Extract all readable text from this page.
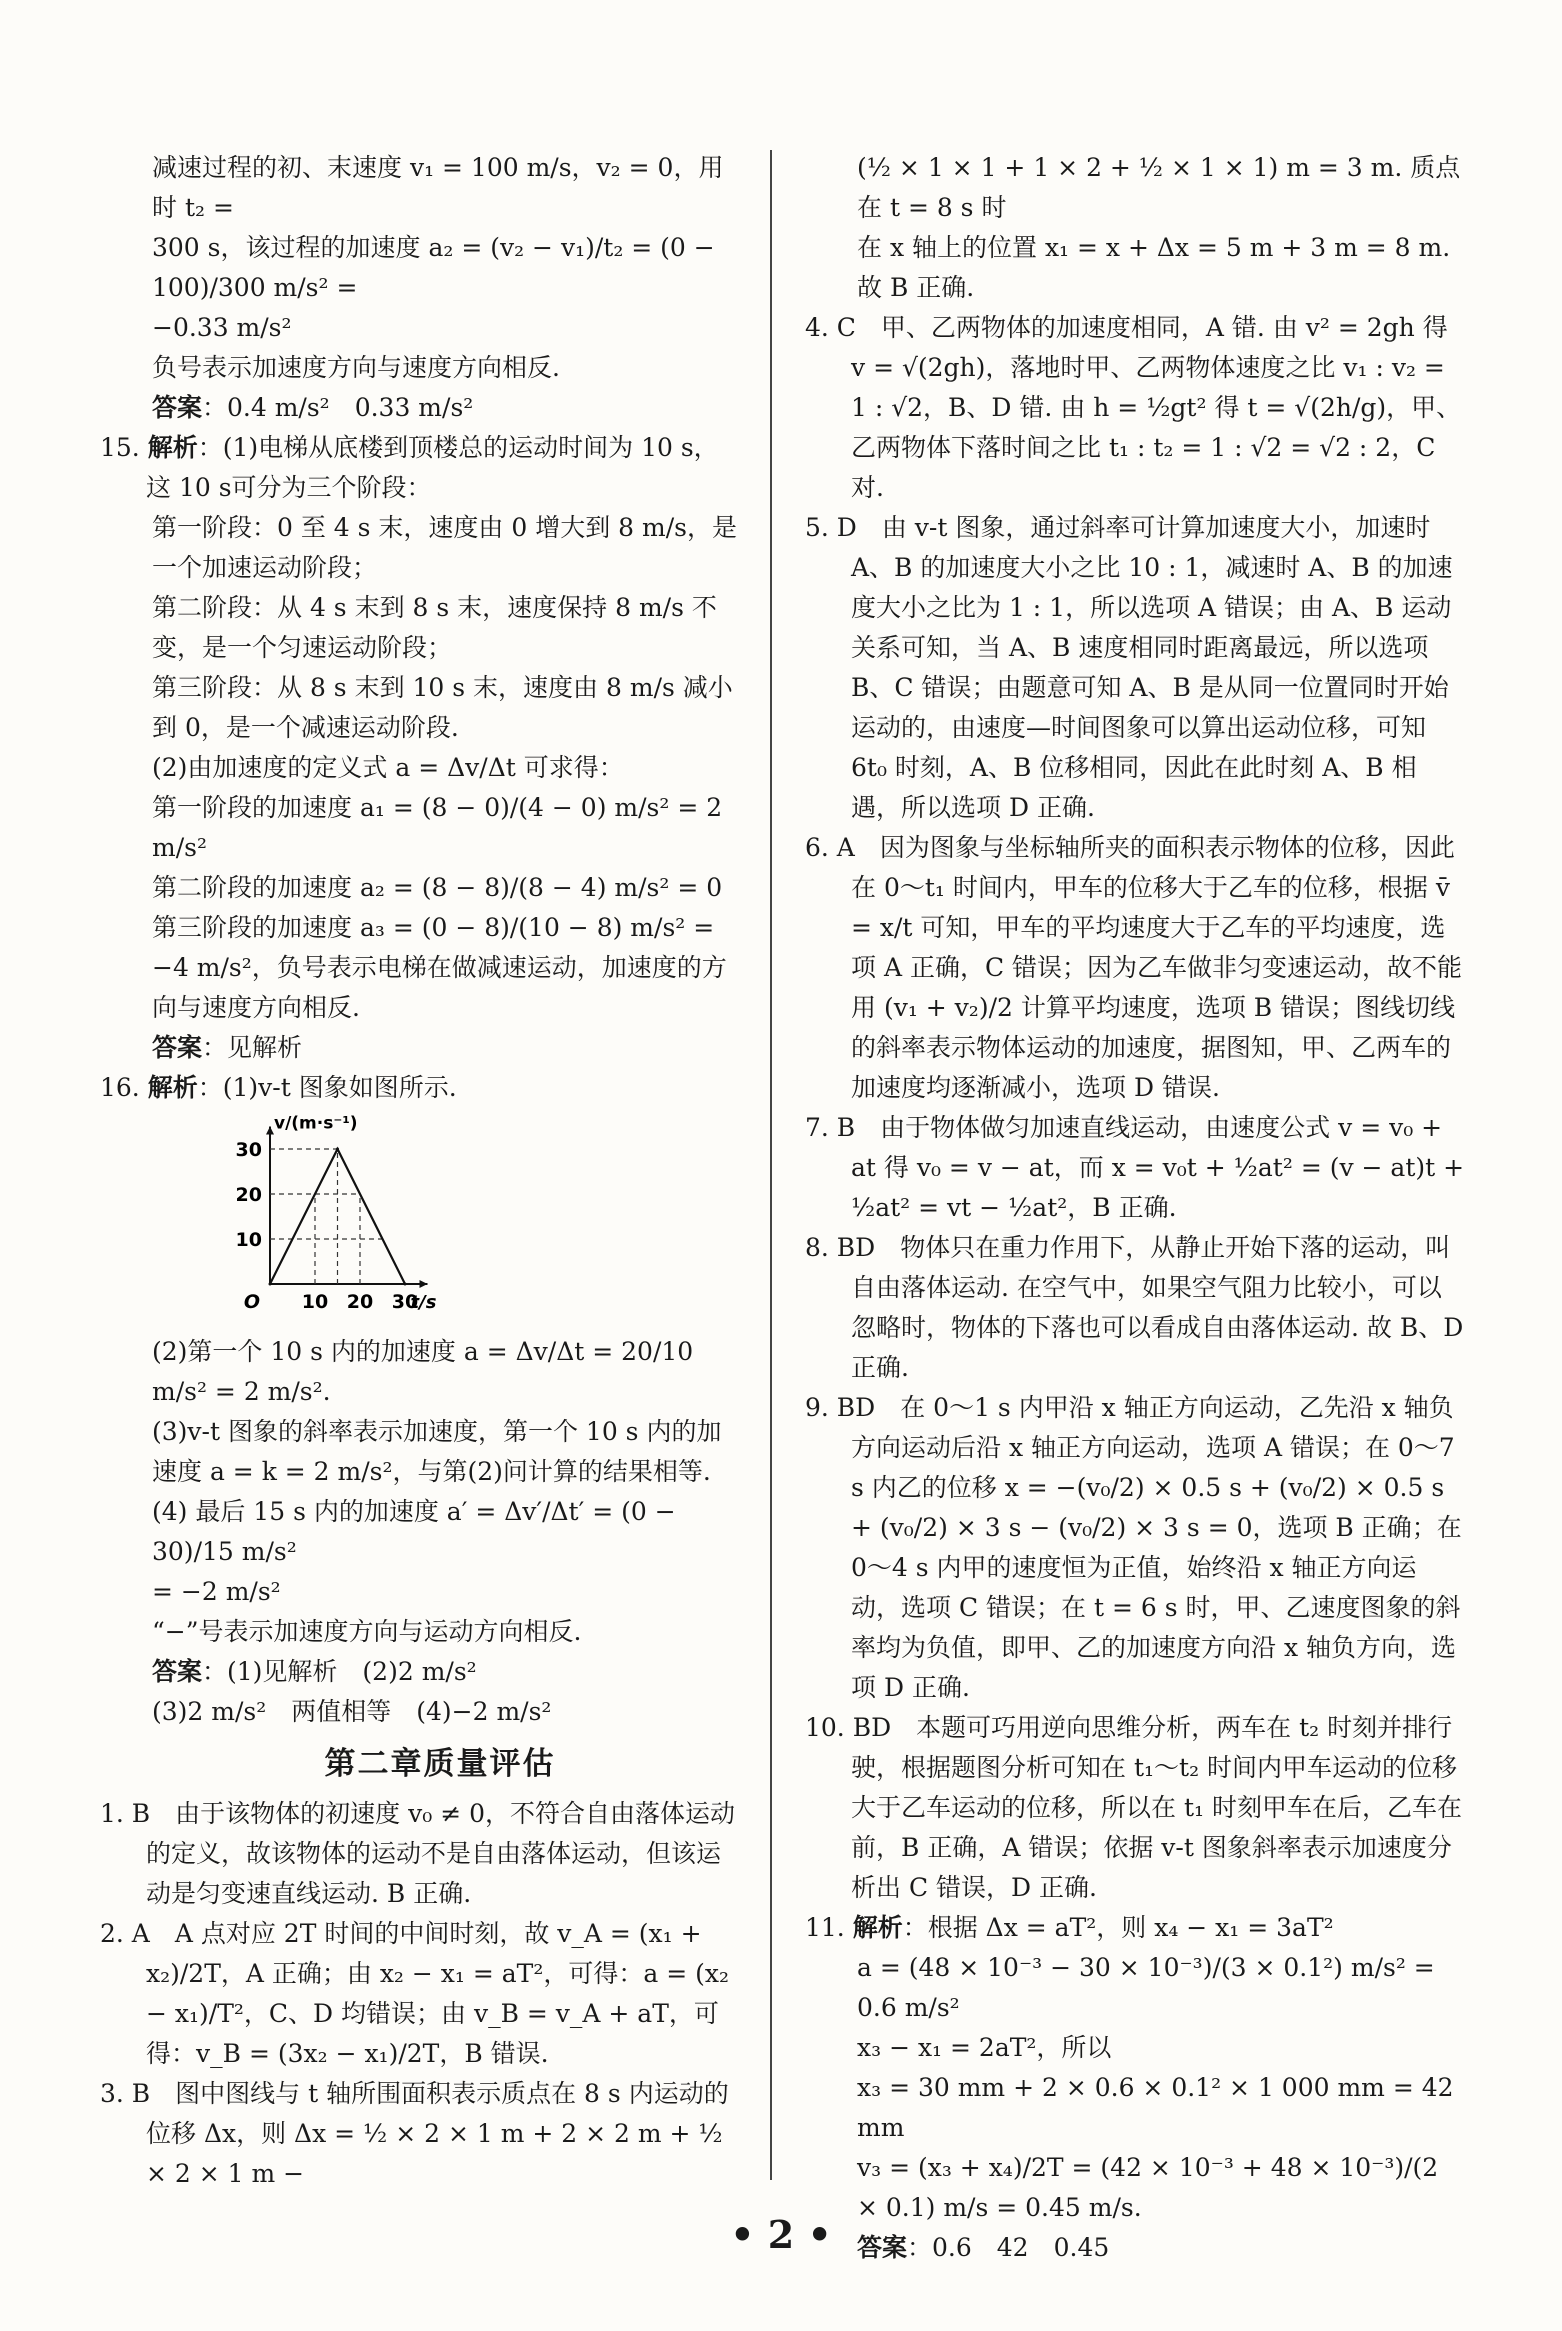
减速过程的初、末速度 v₁ = 100 m/s，v₂ = 0，用时 t₂ =

300 s，该过程的加速度 a₂ = (v₂ − v₁)/t₂ = (0 − 100)/300 m/s² =

−0.33 m/s²

负号表示加速度方向与速度方向相反.

答案：0.4 m/s²　0.33 m/s²

15. 解析：(1)电梯从底楼到顶楼总的运动时间为 10 s，这 10 s可分为三个阶段：

第一阶段：0 至 4 s 末，速度由 0 增大到 8 m/s，是一个加速运动阶段；

第二阶段：从 4 s 末到 8 s 末，速度保持 8 m/s 不变，是一个匀速运动阶段；

第三阶段：从 8 s 末到 10 s 末，速度由 8 m/s 减小到 0，是一个减速运动阶段.

(2)由加速度的定义式 a = Δv/Δt 可求得：

第一阶段的加速度 a₁ = (8 − 0)/(4 − 0) m/s² = 2 m/s²

第二阶段的加速度 a₂ = (8 − 8)/(8 − 4) m/s² = 0

第三阶段的加速度 a₃ = (0 − 8)/(10 − 8) m/s² = −4 m/s²，负号表示电梯在做减速运动，加速度的方向与速度方向相反.

答案：见解析

16. 解析：(1)v-t 图象如图所示.

10 20 30
10
20
30
O	t/s
v/(m·s⁻¹)

(2)第一个 10 s 内的加速度 a = Δv/Δt = 20/10 m/s² = 2 m/s².

(3)v-t 图象的斜率表示加速度，第一个 10 s 内的加速度 a = k = 2 m/s²，与第(2)问计算的结果相等.

(4) 最后 15 s 内的加速度 a′ = Δv′/Δt′ = (0 − 30)/15 m/s²

= −2 m/s²

“−”号表示加速度方向与运动方向相反.

答案：(1)见解析　(2)2 m/s²

(3)2 m/s²　两值相等　(4)−2 m/s²

第二章质量评估

1. B　由于该物体的初速度 v₀ ≠ 0，不符合自由落体运动的定义，故该物体的运动不是自由落体运动，但该运动是匀变速直线运动. B 正确.

2. A　A 点对应 2T 时间的中间时刻，故 v_A = (x₁ + x₂)/2T，A 正确；由 x₂ − x₁ = aT²，可得：a = (x₂ − x₁)/T²，C、D 均错误；由 v_B = v_A + aT，可得：v_B = (3x₂ − x₁)/2T，B 错误.

3. B　图中图线与 t 轴所围面积表示质点在 8 s 内运动的位移 Δx，则 Δx = ½ × 2 × 1 m + 2 × 2 m + ½ × 2 × 1 m −

(½ × 1 × 1 + 1 × 2 + ½ × 1 × 1) m = 3 m. 质点在 t = 8 s 时

在 x 轴上的位置 x₁ = x + Δx = 5 m + 3 m = 8 m. 故 B 正确.

4. C　甲、乙两物体的加速度相同，A 错. 由 v² = 2gh 得 v = √(2gh)，落地时甲、乙两物体速度之比 v₁ : v₂ = 1 : √2，B、D 错. 由 h = ½gt² 得 t = √(2h/g)，甲、乙两物体下落时间之比 t₁ : t₂ = 1 : √2 = √2 : 2，C 对.

5. D　由 v-t 图象，通过斜率可计算加速度大小，加速时 A、B 的加速度大小之比 10 : 1，减速时 A、B 的加速度大小之比为 1 : 1，所以选项 A 错误；由 A、B 运动关系可知，当 A、B 速度相同时距离最远，所以选项 B、C 错误；由题意可知 A、B 是从同一位置同时开始运动的，由速度—时间图象可以算出运动位移，可知 6t₀ 时刻，A、B 位移相同，因此在此时刻 A、B 相遇，所以选项 D 正确.

6. A　因为图象与坐标轴所夹的面积表示物体的位移，因此在 0～t₁ 时间内，甲车的位移大于乙车的位移，根据 v̄ = x/t 可知，甲车的平均速度大于乙车的平均速度，选项 A 正确，C 错误；因为乙车做非匀变速运动，故不能用 (v₁ + v₂)/2 计算平均速度，选项 B 错误；图线切线的斜率表示物体运动的加速度，据图知，甲、乙两车的加速度均逐渐减小，选项 D 错误.

7. B　由于物体做匀加速直线运动，由速度公式 v = v₀ + at 得 v₀ = v − at，而 x = v₀t + ½at² = (v − at)t + ½at² = vt − ½at²，B 正确.

8. BD　物体只在重力作用下，从静止开始下落的运动，叫自由落体运动. 在空气中，如果空气阻力比较小，可以忽略时，物体的下落也可以看成自由落体运动. 故 B、D 正确.

9. BD　在 0～1 s 内甲沿 x 轴正方向运动，乙先沿 x 轴负方向运动后沿 x 轴正方向运动，选项 A 错误；在 0～7 s 内乙的位移 x = −(v₀/2) × 0.5 s + (v₀/2) × 0.5 s + (v₀/2) × 3 s − (v₀/2) × 3 s = 0，选项 B 正确；在 0～4 s 内甲的速度恒为正值，始终沿 x 轴正方向运动，选项 C 错误；在 t = 6 s 时，甲、乙速度图象的斜率均为负值，即甲、乙的加速度方向沿 x 轴负方向，选项 D 正确.

10. BD　本题可巧用逆向思维分析，两车在 t₂ 时刻并排行驶，根据题图分析可知在 t₁～t₂ 时间内甲车运动的位移大于乙车运动的位移，所以在 t₁ 时刻甲车在后，乙车在前，B 正确，A 错误；依据 v-t 图象斜率表示加速度分析出 C 错误，D 正确.

11. 解析：根据 Δx = aT²，则 x₄ − x₁ = 3aT²

a = (48 × 10⁻³ − 30 × 10⁻³)/(3 × 0.1²) m/s² = 0.6 m/s²

x₃ − x₁ = 2aT²，所以

x₃ = 30 mm + 2 × 0.6 × 0.1² × 1 000 mm = 42 mm

v₃ = (x₃ + x₄)/2T = (42 × 10⁻³ + 48 × 10⁻³)/(2 × 0.1) m/s = 0.45 m/s.

答案：0.6　42　0.45

• 2 •
